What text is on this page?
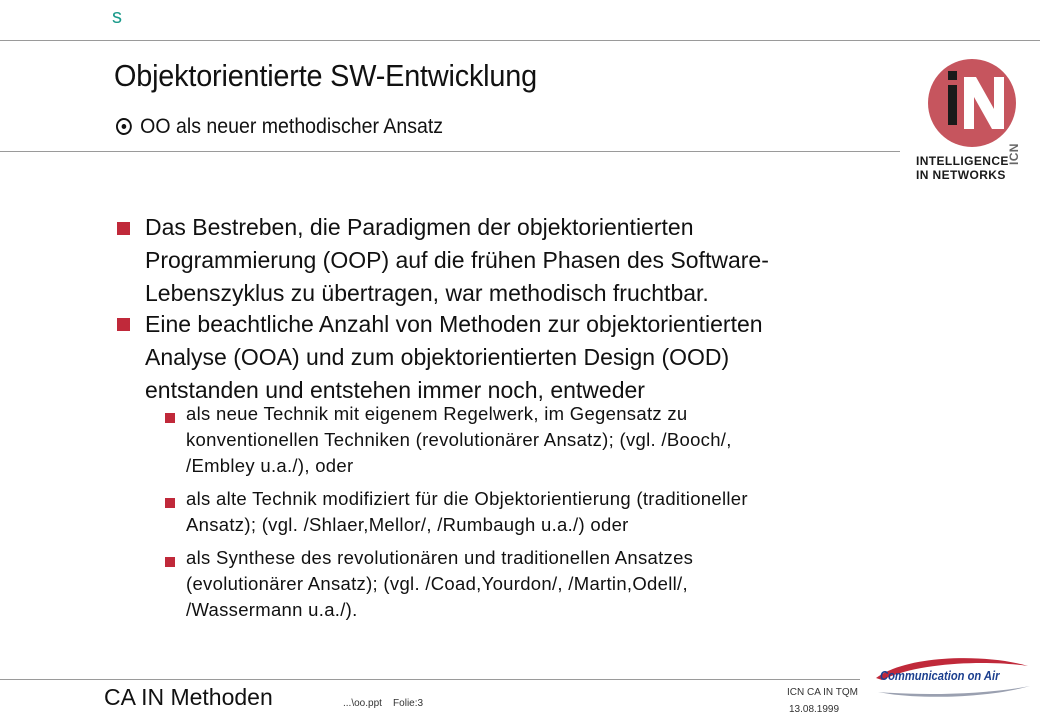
s
Objektorientierte SW-Entwicklung
OO als neuer methodischer Ansatz
INTELLIGENCE
IN NETWORKS
ICN
Das Bestreben, die Paradigmen der objektorientierten
Programmierung (OOP) auf die frühen Phasen des Software-
Lebenszyklus zu übertragen, war methodisch fruchtbar.
Eine beachtliche Anzahl von Methoden zur objektorientierten
Analyse (OOA) und zum objektorientierten Design (OOD)
entstanden und entstehen immer noch, entweder
als neue Technik mit eigenem Regelwerk, im Gegensatz zu
konventionellen Techniken (revolutionärer Ansatz); (vgl. /Booch/,
/Embley u.a./), oder
als alte Technik modifiziert für die Objektorientierung (traditioneller
Ansatz); (vgl. /Shlaer,Mellor/, /Rumbaugh u.a./) oder
als Synthese des revolutionären und traditionellen Ansatzes
(evolutionärer Ansatz); (vgl. /Coad,Yourdon/, /Martin,Odell/,
/Wassermann u.a./).
Communication on Air
CA IN Methoden	...\oo.ppt Folie:3
ICN CA IN TQM
13.08.1999
